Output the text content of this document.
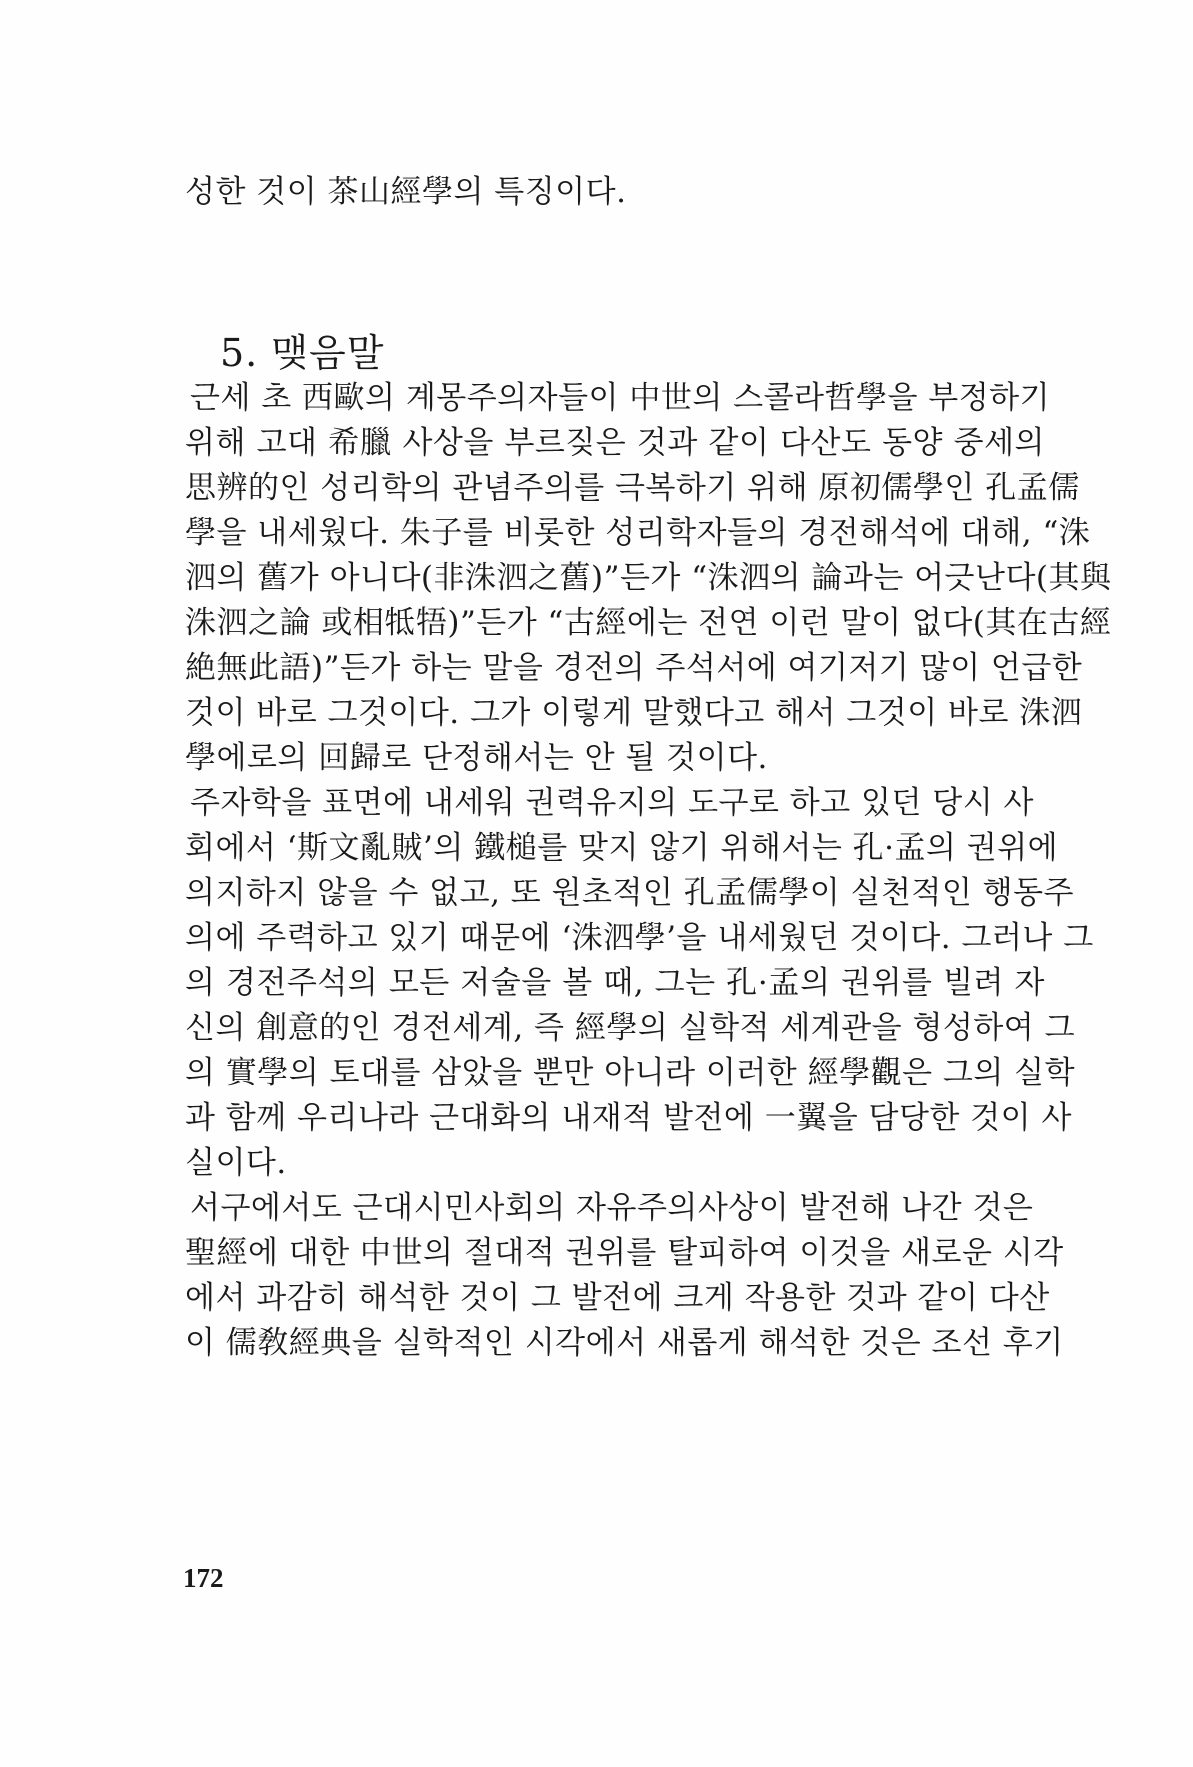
성한 것이 茶山經學의 특징이다.
5. 맺음말
근세 초 西歐의 계몽주의자들이 中世의 스콜라哲學을 부정하기
위해 고대 希臘 사상을 부르짖은 것과 같이 다산도 동양 중세의
思辨的인 성리학의 관념주의를 극복하기 위해 原初儒學인 孔孟儒
學을 내세웠다. 朱子를 비롯한 성리학자들의 경전해석에 대해, “洙
泗의 舊가 아니다(非洙泗之舊)”든가 “洙泗의 論과는 어긋난다(其與
洙泗之論 或相牴牾)”든가 “古經에는 전연 이런 말이 없다(其在古經
絶無此語)”든가 하는 말을 경전의 주석서에 여기저기 많이 언급한
것이 바로 그것이다. 그가 이렇게 말했다고 해서 그것이 바로 洙泗
學에로의 回歸로 단정해서는 안 될 것이다.
주자학을 표면에 내세워 권력유지의 도구로 하고 있던 당시 사
회에서 ‘斯文亂賊’의 鐵槌를 맞지 않기 위해서는 孔·孟의 권위에
의지하지 않을 수 없고, 또 원초적인 孔孟儒學이 실천적인 행동주
의에 주력하고 있기 때문에 ‘洙泗學’을 내세웠던 것이다. 그러나 그
의 경전주석의 모든 저술을 볼 때, 그는 孔·孟의 권위를 빌려 자
신의 創意的인 경전세계, 즉 經學의 실학적 세계관을 형성하여 그
의 實學의 토대를 삼았을 뿐만 아니라 이러한 經學觀은 그의 실학
과 함께 우리나라 근대화의 내재적 발전에 一翼을 담당한 것이 사
실이다.
서구에서도 근대시민사회의 자유주의사상이 발전해 나간 것은
聖經에 대한 中世의 절대적 권위를 탈피하여 이것을 새로운 시각
에서 과감히 해석한 것이 그 발전에 크게 작용한 것과 같이 다산
이 儒敎經典을 실학적인 시각에서 새롭게 해석한 것은 조선 후기
172
